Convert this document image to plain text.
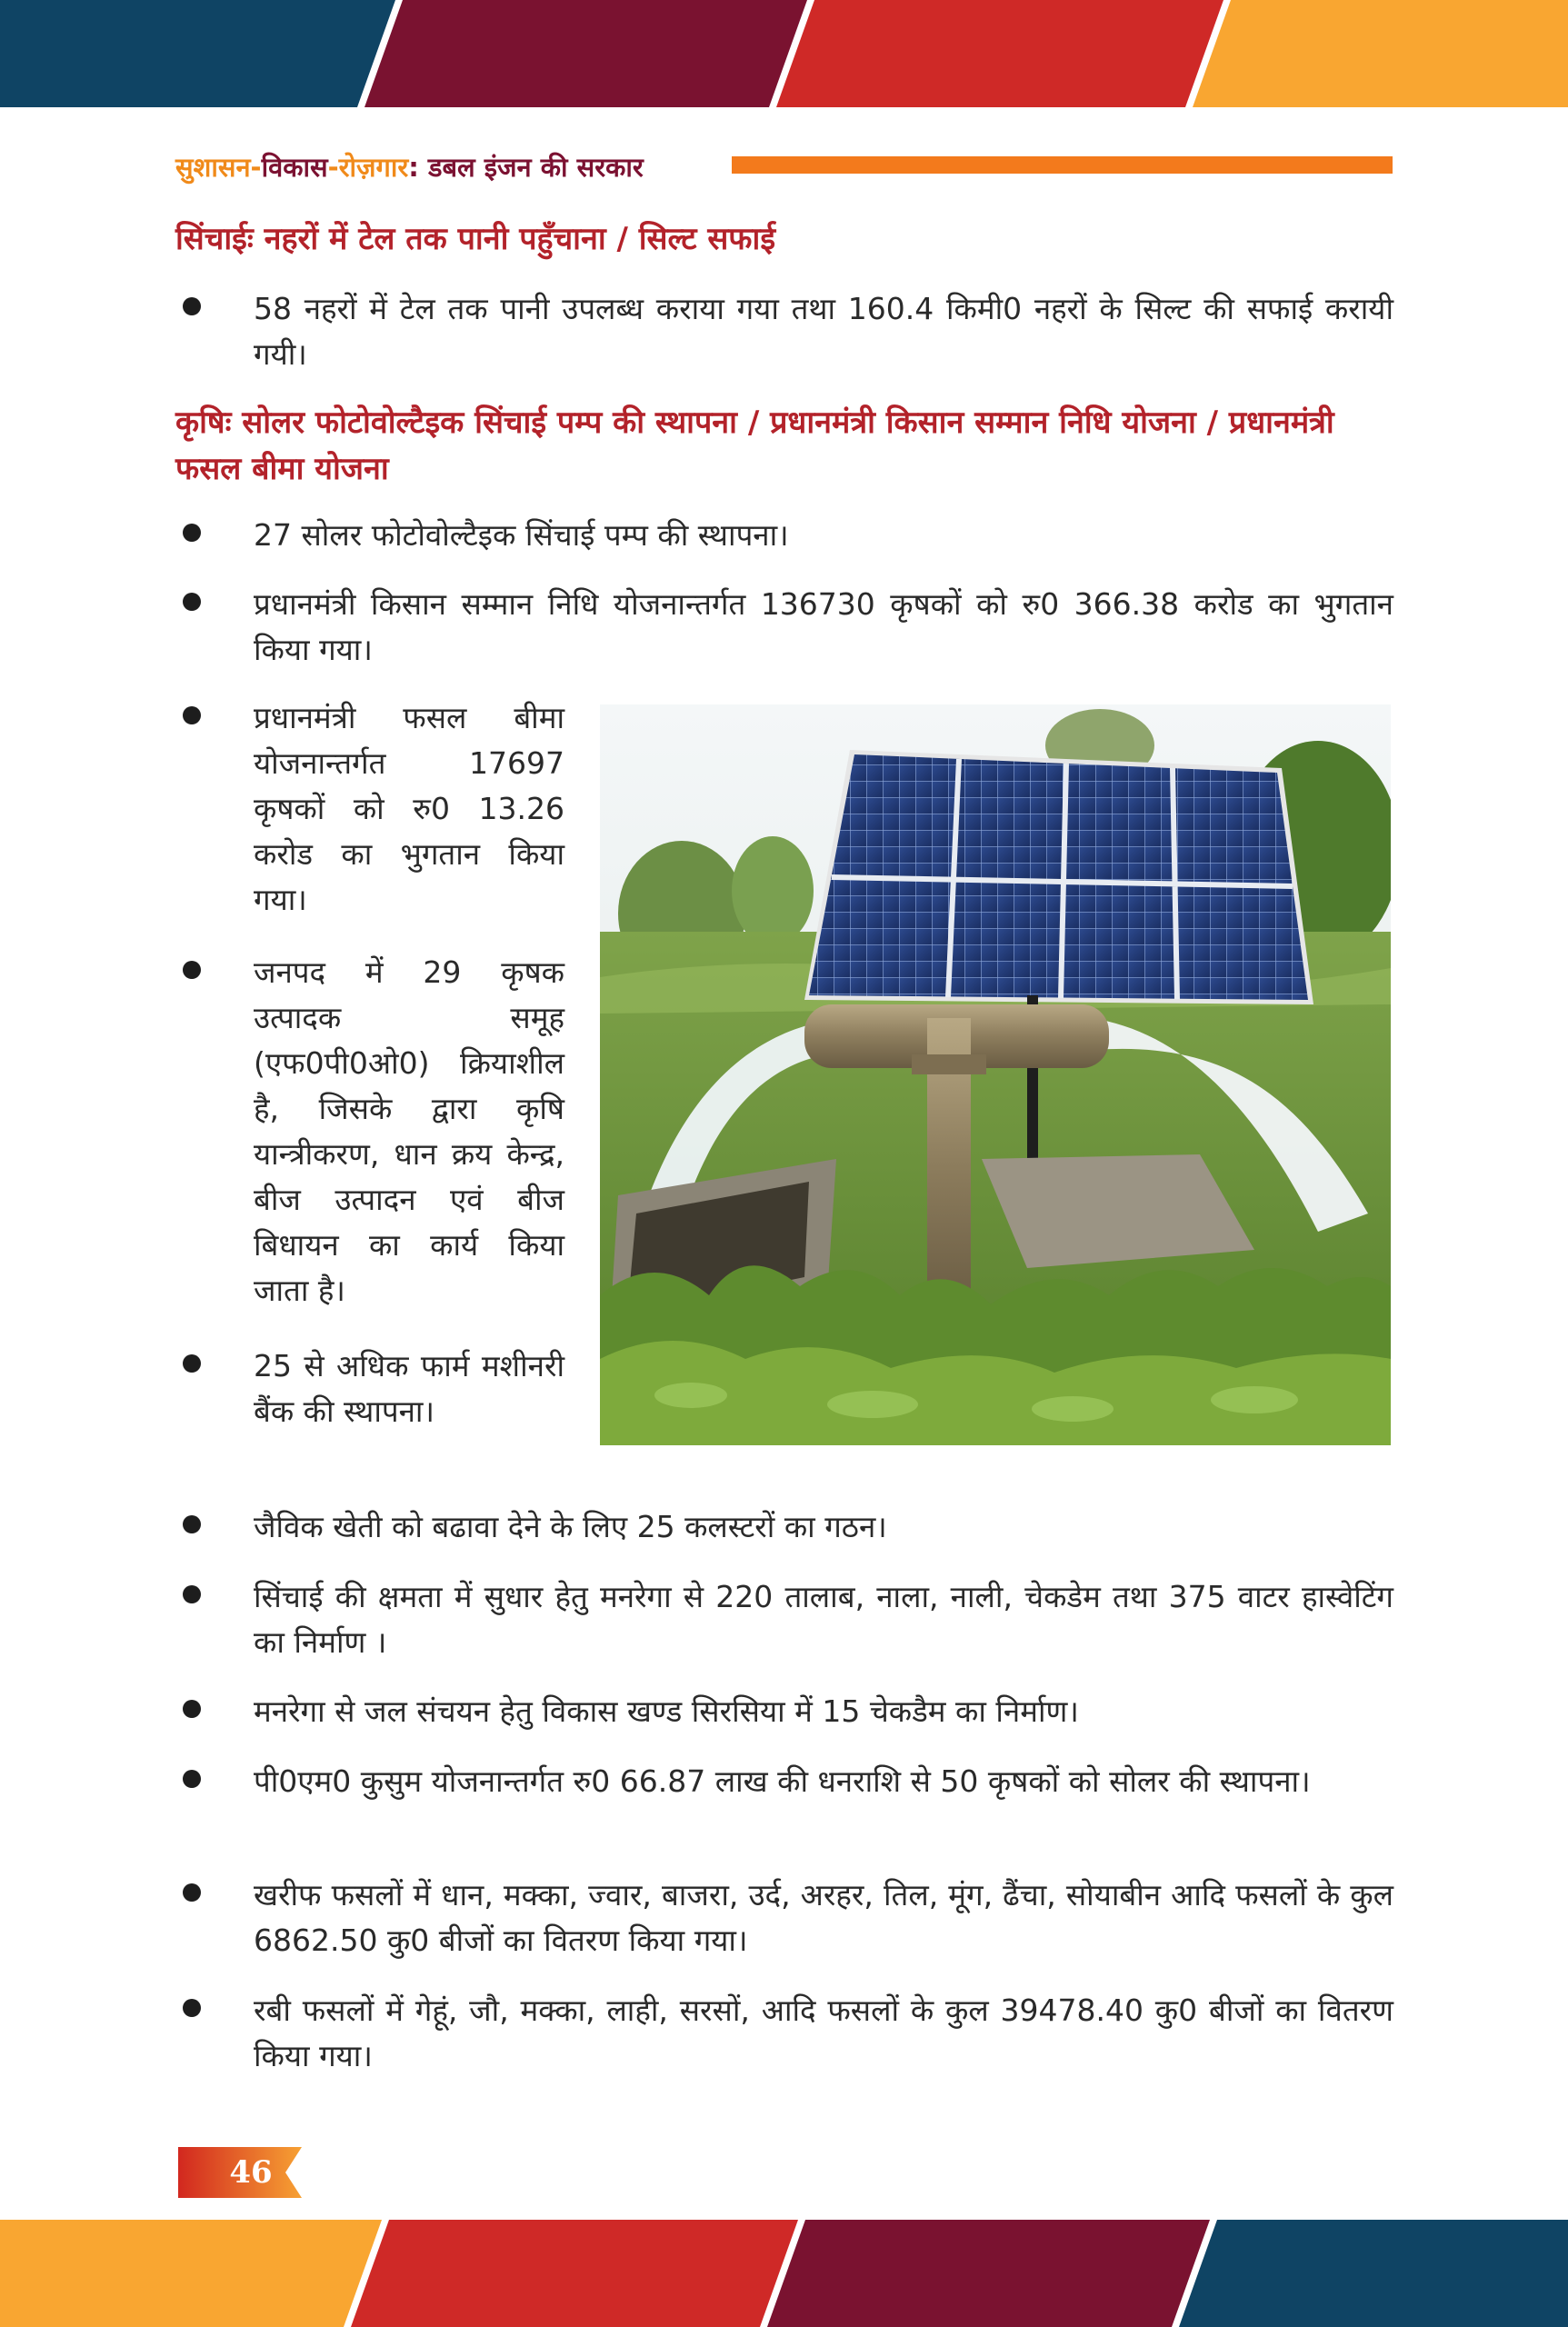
सुशासन- विकास -रोज़गार : डबल इंजन की सरकार
सिंचाईः नहरों में टेल तक पानी पहुँचाना / सिल्ट सफाई
58 नहरों में टेल तक पानी उपलब्ध कराया गया तथा 160.4 किमी0 नहरों के सिल्ट की सफाई करायी गयी।
कृषिः सोलर फोटोवोल्टैइक सिंचाई पम्प की स्थापना / प्रधानमंत्री किसान सम्मान निधि योजना / प्रधानमंत्री फसल बीमा योजना
27 सोलर फोटोवोल्टैइक सिंचाई पम्प की स्थापना।
प्रधानमंत्री किसान सम्मान निधि योजनान्तर्गत 136730 कृषकों को रु0 366.38 करोड का भुगतान किया गया।
प्रधानमंत्री फसल बीमा योजनान्तर्गत 17697 कृषकों को रु0 13.26 करोड का भुगतान किया गया।
जनपद में 29 कृषक उत्पादक समूह (एफ0पी0ओ0) क्रियाशील है, जिसके द्वारा कृषि यान्त्रीकरण, धान क्रय केन्द्र, बीज उत्पादन एवं बीज बिधायन का कार्य किया जाता है।
25 से अधिक फार्म मशीनरी बैंक की स्थापना।
जैविक खेती को बढावा देने के लिए 25 कलस्टरों का गठन।
सिंचाई की क्षमता में सुधार हेतु मनरेगा से 220 तालाब, नाला, नाली, चेकडेम तथा 375 वाटर हास्वेटिंग का निर्माण ।
मनरेगा से जल संचयन हेतु विकास खण्ड सिरसिया में 15 चेकडैम का निर्माण।
पी0एम0 कुसुम योजनान्तर्गत रु0 66.87 लाख की धनराशि से 50 कृषकों को सोलर की स्थापना।
खरीफ फसलों में धान, मक्का, ज्वार, बाजरा, उर्द, अरहर, तिल, मूंग, ढैंचा, सोयाबीन आदि फसलों के कुल 6862.50 कु0 बीजों का वितरण किया गया।
रबी फसलों में गेहूं, जौ, मक्का, लाही, सरसों, आदि फसलों के कुल 39478.40 कु0 बीजों का वितरण किया गया।
46
